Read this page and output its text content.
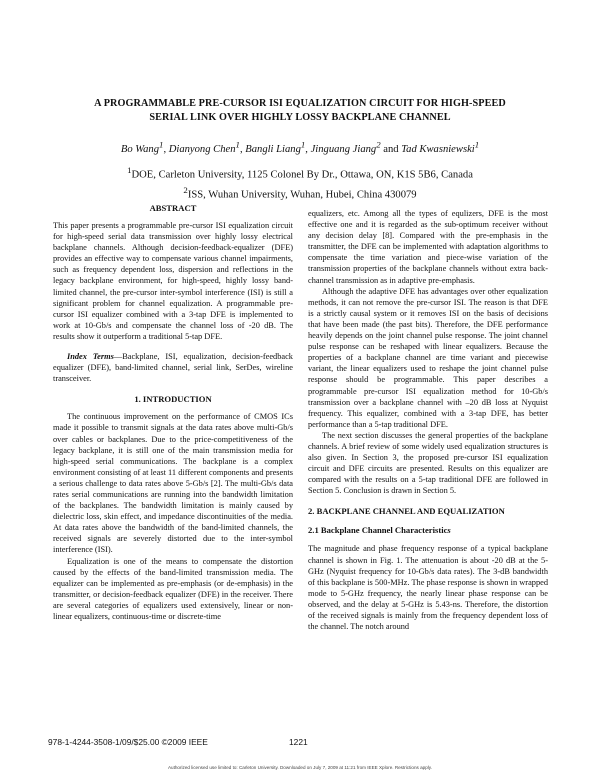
A PROGRAMMABLE PRE-CURSOR ISI EQUALIZATION CIRCUIT FOR HIGH-SPEED
SERIAL LINK OVER HIGHLY LOSSY BACKPLANE CHANNEL
Bo Wang$^1$, Dianyong Chen$^1$, Bangli Liang$^1$, Jinguang Jiang$^2$ and Tad Kwasniewski$^1$
$^1$DOE, Carleton University, 1125 Colonel By Dr., Ottawa, ON, K1S 5B6, Canada
$^2$ISS, Wuhan University, Wuhan, Hubei, China 430079
ABSTRACT

This paper presents a programmable pre-cursor ISI equalization circuit for high-speed serial data transmission over highly lossy electrical backplane channels. Although decision-feedback-equalizer (DFE) provides an effective way to compensate various channel impairments, such as frequency dependent loss, dispersion and reflections in the legacy backplane environment, for high-speed, highly lossy band-limited channel, the pre-cursor inter-symbol interference (ISI) is still a significant problem for channel equalization. A programmable pre-cursor ISI equalizer combined with a 3-tap DFE is implemented to work at 10-Gb/s and compensate the channel loss of -20 dB. The results show it outperform a traditional 5-tap DFE.

Index Terms—Backplane, ISI, equalization, decision-feedback equalizer (DFE), band-limited channel, serial link, SerDes, wireline transceiver.

1. INTRODUCTION

The continuous improvement on the performance of CMOS ICs made it possible to transmit signals at the data rates above multi-Gb/s over cables or backplanes. Due to the price-competitiveness of the legacy backplane, it is still one of the main transmission media for high-speed serial communications. The backplane is a complex environment consisting of at least 11 different components and presents a serious challenge to data rates above 5-Gb/s [2]. The multi-Gb/s data rates serial communications are running into the bandwidth limitation of the backplanes. The bandwidth limitation is mainly caused by dielectric loss, skin effect, and impedance discontinuities of the media. At data rates above the bandwidth of the band-limited channels, the received signals are severely distorted due to the inter-symbol interference (ISI).

Equalization is one of the means to compensate the distortion caused by the effects of the band-limited transmission media. The equalizer can be implemented as pre-emphasis (or de-emphasis) in the transmitter, or decision-feedback equalizer (DFE) in the receiver. There are several categories of equalizers used extensively, linear or non-linear equalizers, continuous-time or discrete-time

equalizers, etc. Among all the types of equlizers, DFE is the most effective one and it is regarded as the sub-optimum receiver without any decision delay [8]. Compared with the pre-emphasis in the transmitter, the DFE can be implemented with adaptation algorithms to compensate the time variation and piece-wise variation of the transmission properties of the backplane channels without extra back-channel transmission as in adaptive pre-emphasis.

Although the adaptive DFE has advantages over other equalization methods, it can not remove the pre-cursor ISI. The reason is that DFE is a strictly causal system or it removes ISI on the basis of decisions that have been made (the past bits). Therefore, the DFE performance heavily depends on the joint channel pulse response. The joint channel pulse response can be reshaped with linear equalizers. Because the properties of a backplane channel are time variant and piecewise variant, the linear equalizers used to reshape the joint channel pulse response should be programmable. This paper describes a programmable pre-cursor ISI equalization method for 10-Gb/s transmission over a backplane channel with –20 dB loss at Nyquist frequency. This equalizer, combined with a 3-tap DFE, has better performance than a 5-tap traditional DFE.

The next section discusses the general properties of the backplane channels. A brief review of some widely used equalization structures is also given. In Section 3, the proposed pre-cursor ISI equalization circuit and DFE circuits are presented. Results on this equalizer are compared with the results on a 5-tap traditional DFE are followed in Section 5. Conclusion is drawn in Section 5.

2. BACKPLANE CHANNEL AND EQUALIZATION
2.1 Backplane Channel Characteristics

The magnitude and phase frequency response of a typical backplane channel is shown in Fig. 1. The attenuation is about -20 dB at the 5-GHz (Nyquist frequency for 10-Gb/s data rates). The 3-dB bandwidth of this backplane is 500-MHz. The phase response is shown in wrapped mode to 5-GHz frequency, the nearly linear phase response can be observed, and the delay at 5-GHz is 5.43-ns. Therefore, the distortion of the received signals is mainly from the frequency dependent loss of the channel. The notch around

978-1-4244-3508-1/09/$25.00 ©2009 IEEE	1221
Authorized licensed use limited to: Carleton University. Downloaded on July 7, 2009 at 11:21 from IEEE Xplore. Restrictions apply.
